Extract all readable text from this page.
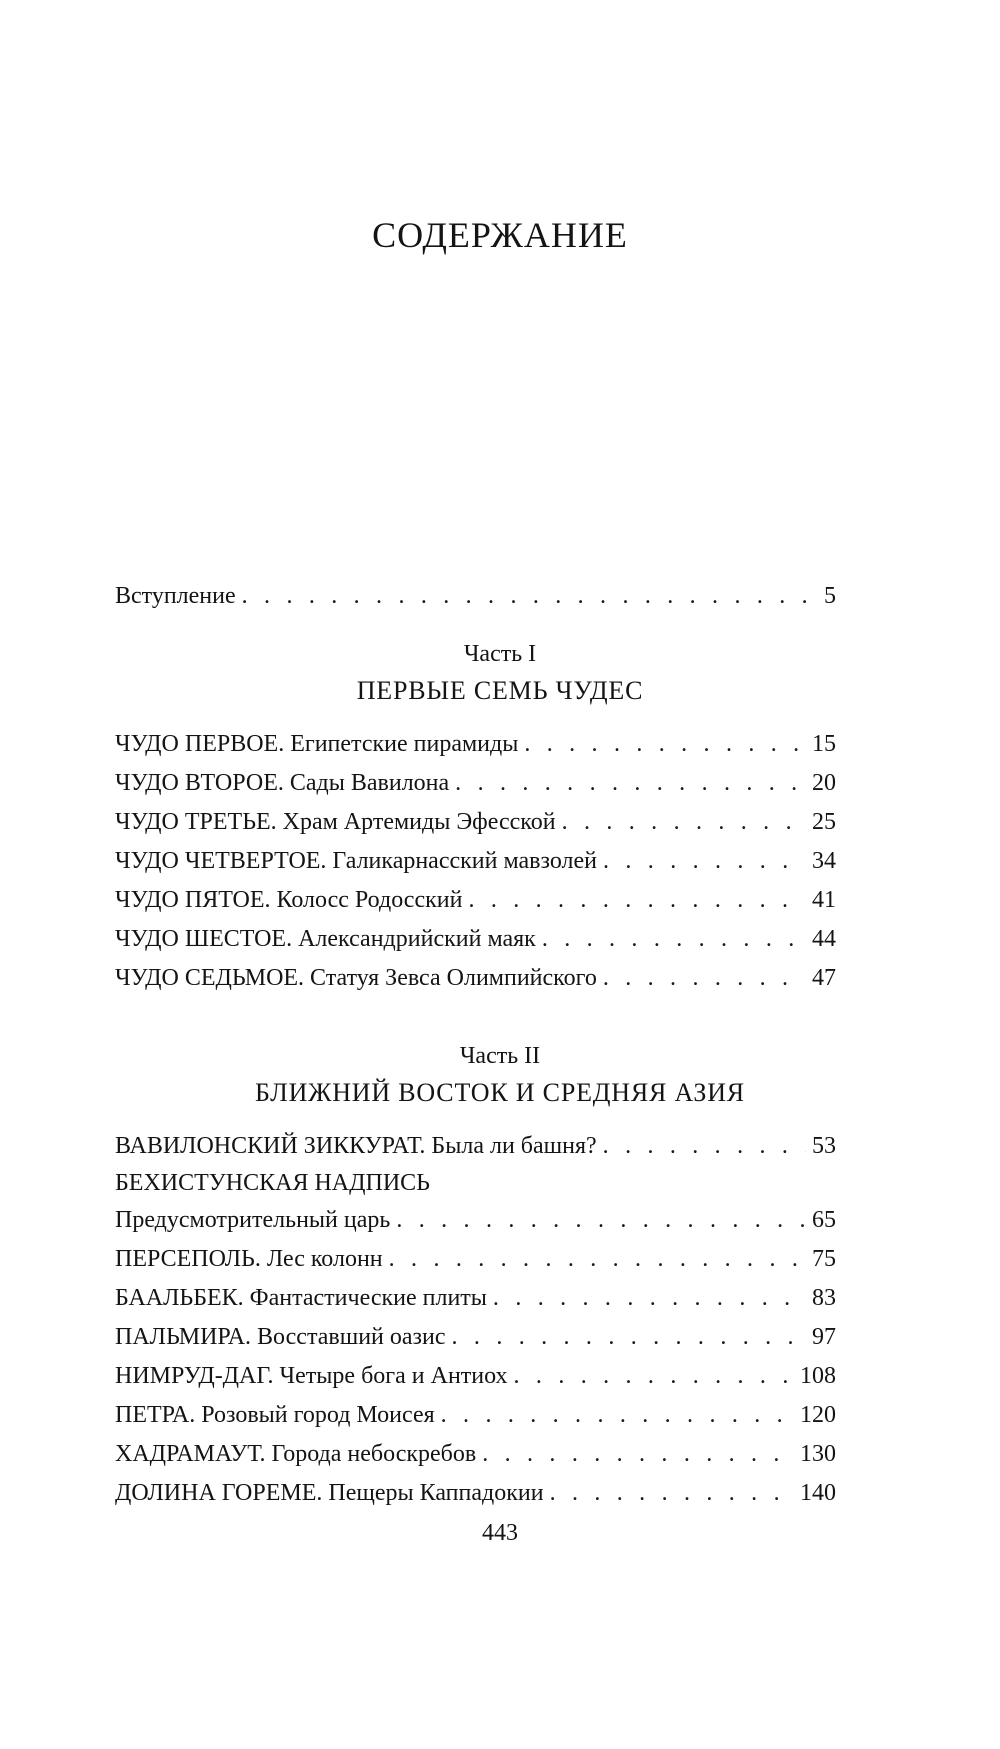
СОДЕРЖАНИЕ
Вступление . . .	5
Часть I
ПЕРВЫЕ СЕМЬ ЧУДЕС
ЧУДО ПЕРВОЕ. Египетские пирамиды . . .	15
ЧУДО ВТОРОЕ. Сады Вавилона . . .	20
ЧУДО ТРЕТЬЕ. Храм Артемиды Эфесской . . .	25
ЧУДО ЧЕТВЕРТОЕ. Галикарнасский мавзолей . . .	34
ЧУДО ПЯТОЕ. Колосс Родосский . . .	41
ЧУДО ШЕСТОЕ. Александрийский маяк . . .	44
ЧУДО СЕДЬМОЕ. Статуя Зевса Олимпийского . . .	47
Часть II
БЛИЖНИЙ ВОСТОК И СРЕДНЯЯ АЗИЯ
ВАВИЛОНСКИЙ ЗИККУРАТ. Была ли башня? . . .	53
БЕХИСТУНСКАЯ НАДПИСЬ
Предусмотрительный царь . . .	65
ПЕРСЕПОЛЬ. Лес колонн . . .	75
БААЛЬБЕК. Фантастические плиты . . .	83
ПАЛЬМИРА. Восставший оазис . . .	97
НИМРУД-ДАГ. Четыре бога и Антиох . . .	108
ПЕТРА. Розовый город Моисея . . .	120
ХАДРАМАУТ. Города небоскребов . . .	130
ДОЛИНА ГОРЕМЕ. Пещеры Каппадокии . . .	140
443
